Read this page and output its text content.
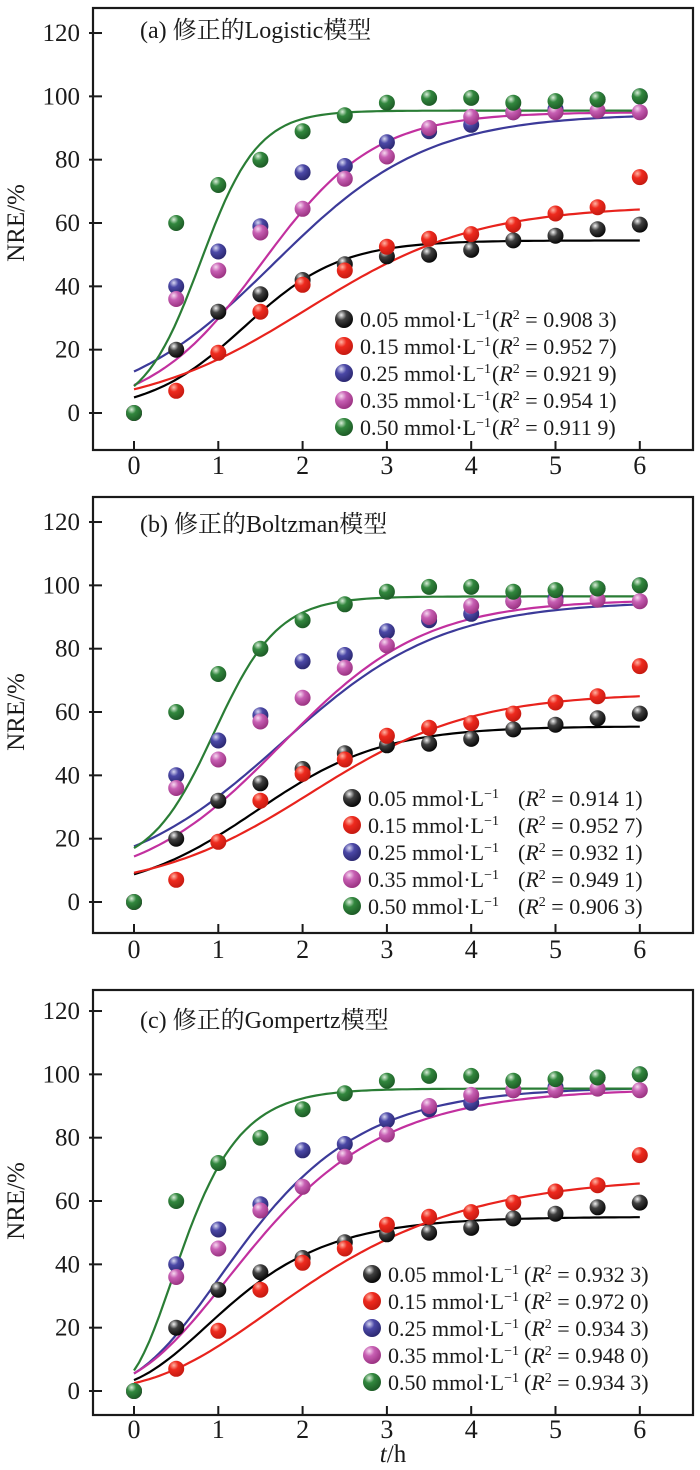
0
20
40
60
80
100
120
0	1	2	3	4	5	6
(a) 修正的Logistic模型
NRE/%
0.05 $mmol\cdot L^{-1}$ ($R^2 = 0.908$ 3)
0.15 $mmol\cdot L^{-1}$ ($R^2 = 0.952$ 7)
0.25 $mmol\cdot L^{-1}$ ($R^2 = 0.921$ 9)
0.35 $mmol\cdot L^{-1}$ ($R^2 = 0.954$ 1)
0.50 $mmol\cdot L^{-1}$ ($R^2 = 0.911$ 9)
0
20
40
60
80
100
120
0	1	2	3	4	5	6
(b) 修正的Boltzman模型
NRE/%
0.05 $mmol\cdot L^{-1}$ ($R^2 = 0.914$ 1)
0.15 $mmol\cdot L^{-1}$ ($R^2 = 0.952$ 7)
0.25 $mmol\cdot L^{-1}$ ($R^2 = 0.932$ 1)
0.35 $mmol\cdot L^{-1}$ ($R^2 = 0.949$ 1)
0.50 $mmol\cdot L^{-1}$ ($R^2 = 0.906$ 3)
0
20
40
60
80
100
120
0	1	2	3	4	5	6
(c) 修正的Gompertz模型
NRE/%
t/h
0.05 $mmol\cdot L^{-1}$ ($R^2 = 0.932$ 3)
0.15 $mmol\cdot L^{-1}$ ($R^2 = 0.972$ 0)
0.25 $mmol\cdot L^{-1}$ ($R^2 = 0.934$ 3)
0.35 $mmol\cdot L^{-1}$ ($R^2 = 0.948$ 0)
0.50 $mmol\cdot L^{-1}$ ($R^2 = 0.934$ 3)
